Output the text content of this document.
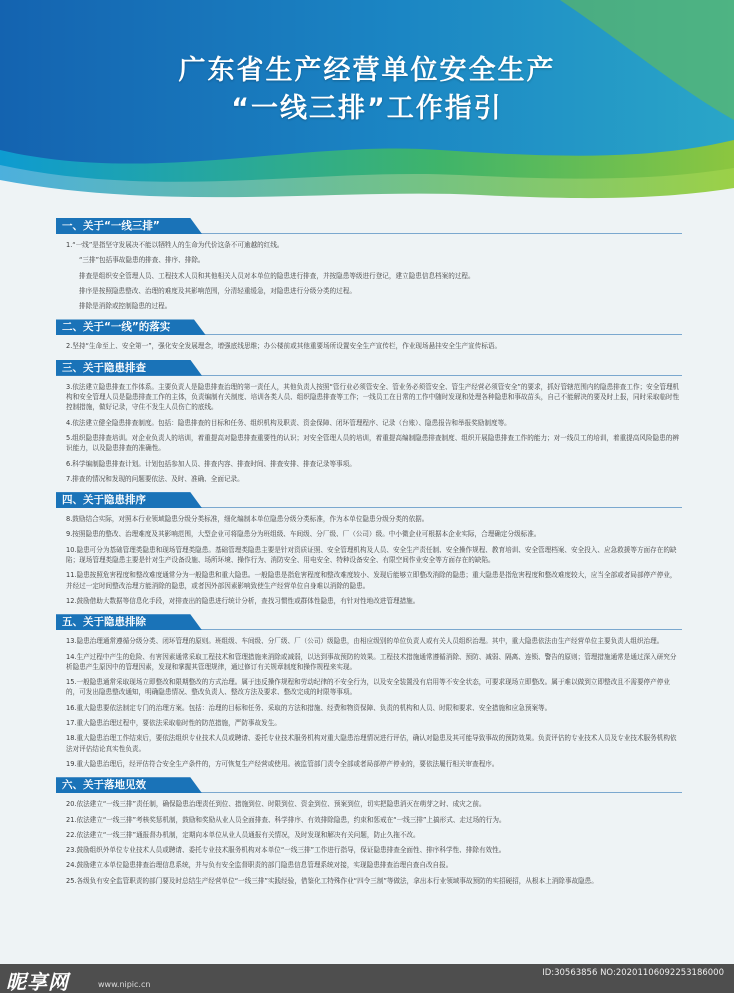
广东省生产经营单位安全生产
“一线三排”工作指引
一、关于“一线三排”

1.“一线”是指坚守发展决不能以牺牲人的生命为代价这条不可逾越的红线。

“三排”包括事故隐患的排查、排序、排除。

排查是组织安全管理人员、工程技术人员和其他相关人员对本单位的隐患进行排查，并按隐患等级进行登记，建立隐患信息档案的过程。

排序是按照隐患整改、治理的难度及其影响范围，分清轻重缓急，对隐患进行分级分类的过程。

排除是消除或控制隐患的过程。

二、关于“一线”的落实

2.坚持“生命至上、安全第一”，强化安全发展理念，增强底线思维；办公楼前或其他重要场所设置安全生产宣传栏，作业现场悬挂安全生产宣传标语。

三、关于隐患排查

3.依法建立隐患排查工作体系。主要负责人是隐患排查治理的第一责任人，其他负责人按照“管行业必须管安全、管业务必须管安全、管生产经营必须管安全”的要求，抓好管辖范围内的隐患排查工作；安全管理机构和安全管理人员是隐患排查工作的主体，负责编制有关制度、培训各类人员、组织隐患排查等工作；一线员工在日常的工作中随时发现和处理各种隐患和事故苗头，自己不能解决的要及时上报，同时采取临时性控制措施，做好记录，守住不发生人员伤亡的底线。

4.依法建立健全隐患排查制度。包括：隐患排查的目标和任务、组织机构及职责、资金保障、闭环管理程序、记录（台账）、隐患报告和举报奖励制度等。

5.组织隐患排查培训。对企业负责人的培训，着重提高对隐患排查重要性的认识；对安全管理人员的培训，着重提高编制隐患排查制度、组织开展隐患排查工作的能力；对一线员工的培训，着重提高风险隐患的辨识能力，以及隐患排查的准确性。

6.科学编制隐患排查计划。计划包括参加人员、排查内容、排查时间、排查安排、排查记录等事项。

7.排查的情况和发现的问题要依法、及时、准确、全面记录。

四、关于隐患排序

8.鼓励结合实际，对照本行业领域隐患分级分类标准，细化编制本单位隐患分级分类标准，作为本单位隐患分级分类的依据。

9.按照隐患的整改、治理难度及其影响范围，大型企业可将隐患分为班组级、车间级、分厂级、厂（公司）级。中小微企业可根据本企业实际，合理确定分级标准。

10.隐患可分为基础管理类隐患和现场管理类隐患。基础管理类隐患主要是针对资质证照、安全管理机构及人员、安全生产责任制、安全操作规程、教育培训、安全管理档案、安全投入、应急救援等方面存在的缺陷；现场管理类隐患主要是针对生产设备设施、场所环境、操作行为、消防安全、用电安全、特种设备安全、有限空间作业安全等方面存在的缺陷。

11.隐患按照危害程度和整改难度通常分为一般隐患和重大隐患。一般隐患是指危害程度和整改难度较小、发现后能够立即整改消除的隐患；重大隐患是指危害程度和整改难度较大，应当全部或者局部停产停业，并经过一定时间整改治理方能消除的隐患，或者因外部因素影响致使生产经营单位自身难以消除的隐患。

12.鼓励借助大数据等信息化手段，对排查出的隐患进行统计分析，查找习惯性或群体性隐患，有针对性地改进管理措施。

五、关于隐患排除

13.隐患治理通常遵循分级分类、闭环管理的原则。班组级、车间级、分厂级、厂（公司）级隐患，由相应级别的单位负责人或有关人员组织治理。其中，重大隐患依法由生产经营单位主要负责人组织治理。

14.生产过程中产生的危险、有害因素通常采取工程技术和管理措施来消除或减弱，以达到事故预防的效果。工程技术措施通常遵循消除、预防、减弱、隔离、连锁、警告的原则；管理措施通常是通过深入研究分析隐患产生原因中的管理因素，发现和掌握其管理规律，通过修订有关规章制度和操作规程来实现。

15.一般隐患通常采取现场立即整改和限期整改的方式治理。属于违反操作规程和劳动纪律的不安全行为，以及安全装置没有启用等不安全状态，可要求现场立即整改。属于难以做到立即整改且不需要停产停业的，可发出隐患整改通知，明确隐患情况、整改负责人、整改方法及要求、整改完成的时限等事项。

16.重大隐患要依法制定专门的治理方案。包括：治理的目标和任务、采取的方法和措施、经费和物资保障、负责的机构和人员、时限和要求、安全措施和应急预案等。

17.重大隐患治理过程中，要依法采取临时性的防范措施，严防事故发生。

18.重大隐患治理工作结束后，要依法组织专业技术人员或聘请、委托专业技术服务机构对重大隐患治理情况进行评估，确认对隐患及其可能导致事故的预防效果。负责评估的专业技术人员及专业技术服务机构依法对评估结论真实性负责。

19.重大隐患治理后，经评估符合安全生产条件的，方可恢复生产经营或使用。被监管部门责令全部或者局部停产停业的，要依法履行相关审查程序。

六、关于落地见效

20.依法建立“一线三排”责任制，确保隐患治理责任到位、措施到位、时限到位、资金到位、预案到位，切实把隐患消灭在萌芽之时、成灾之前。

21.依法建立“一线三排”考核奖惩机制，鼓励和奖励从业人员全面排查、科学排序、有效排除隐患，约束和惩戒在“一线三排”上搞形式、走过场的行为。

22.依法建立“一线三排”通报督办机制，定期向本单位从业人员通报有关情况，及时发现和解决有关问题，防止久拖不改。

23.鼓励组织外单位专业技术人员或聘请、委托专业技术服务机构对本单位“一线三排”工作进行指导，保证隐患排查全面性、排序科学性、排除有效性。

24.鼓励建立本单位隐患排查治理信息系统，并与负有安全监督职责的部门隐患信息管理系统对接，实现隐患排查治理自查自改自报。

25.各级负有安全监管职责的部门要及时总结生产经营单位“一线三排”实践经验，借鉴化工特殊作业“四令三制”等做法，拿出本行业领域事故预防的实招硬招，从根本上消除事故隐患。

昵享网	www.nipic.cn
ID:30563856 NO:20201106092253186000
